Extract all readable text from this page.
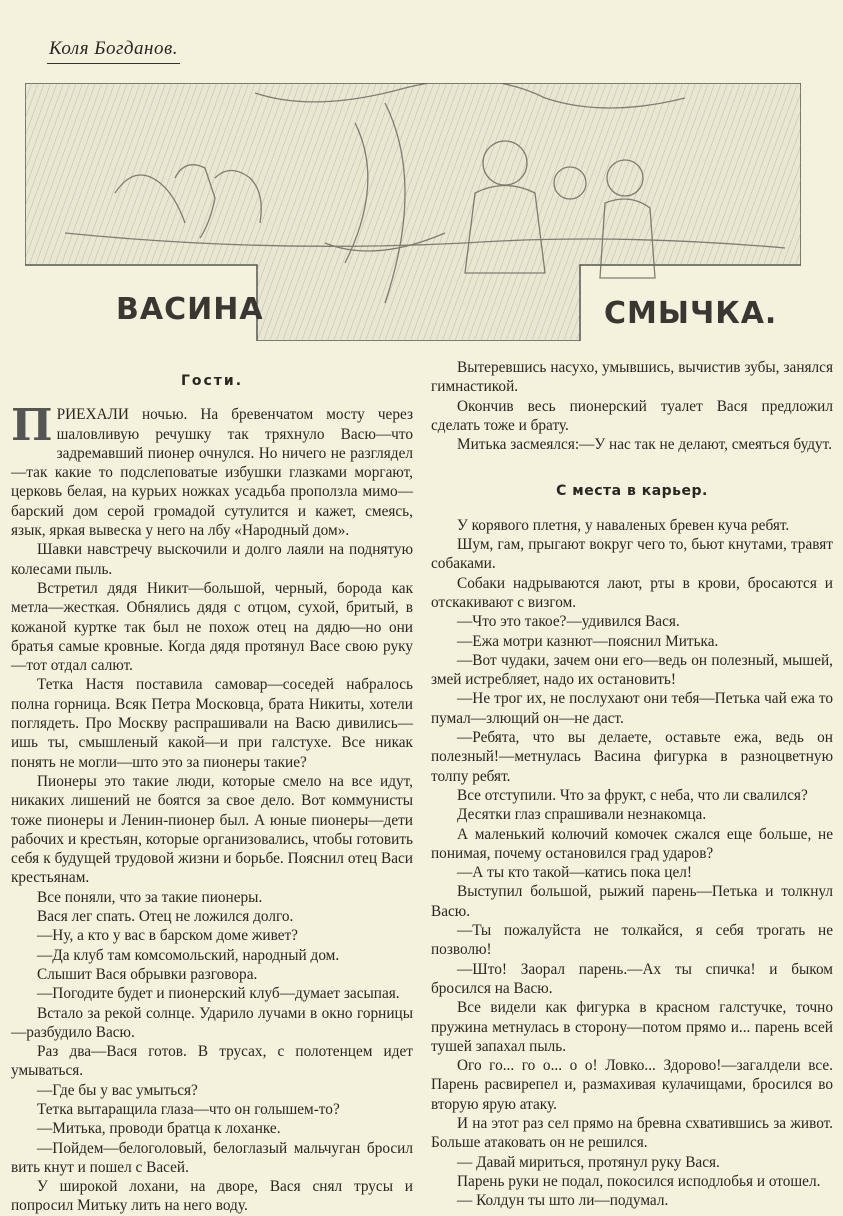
Коля Богданов.
ВАСИНА	СМЫЧКА.
Гости.

ПРИЕХАЛИ ночью. На бревенчатом мосту через шаловливую речушку так тряхнуло Васю—что задремавший пионер очнулся. Но ничего не разглядел—так какие то подслеповатые избушки глазками моргают, церковь белая, на курьих ножках усадьба проползла мимо—барский дом серой громадой сутулится и кажет, смеясь, язык, яркая вывеска у него на лбу «Народный дом».

Шавки навстречу выскочили и долго лаяли на поднятую колесами пыль.

Встретил дядя Никит—большой, черный, борода как метла—жесткая. Обнялись дядя с отцом, сухой, бритый, в кожаной куртке так был не похож отец на дядю—но они братья самые кровные. Когда дядя протянул Васе свою руку—тот отдал салют.

Тетка Настя поставила самовар—соседей набралось полна горница. Всяк Петра Московца, брата Никиты, хотели поглядеть. Про Москву распрашивали на Васю дивились—ишь ты, смышленый какой—и при галстухе. Все никак понять не могли—што это за пионеры такие?

Пионеры это такие люди, которые смело на все идут, никаких лишений не боятся за свое дело. Вот коммунисты тоже пионеры и Ленин-пионер был. А юные пионеры—дети рабочих и крестьян, которые организовались, чтобы готовить себя к будущей трудовой жизни и борьбе. Пояснил отец Васи крестьянам.

Все поняли, что за такие пионеры.

Вася лег спать. Отец не ложился долго.

—Ну, а кто у вас в барском доме живет?

—Да клуб там комсомольский, народный дом.

Слышит Вася обрывки разговора.

—Погодите будет и пионерский клуб—думает засыпая.

Встало за рекой солнце. Ударило лучами в окно горницы—разбудило Васю.

Раз два—Вася готов. В трусах, с полотенцем идет умываться.

—Где бы у вас умыться?

Тетка вытаращила глаза—что он голышем-то?

—Митька, проводи братца к лоханке.

—Пойдем—белоголовый, белоглазый мальчуган бросил вить кнут и пошел с Васей.

У широкой лохани, на дворе, Вася снял трусы и попросил Митьку лить на него воду.

Вытеревшись насухо, умывшись, вычистив зубы, занялся гимнастикой.

Окончив весь пионерский туалет Вася предложил сделать тоже и брату.

Митька засмеялся:—У нас так не делают, смеяться будут.

С места в карьер.

У корявого плетня, у наваленых бревен куча ребят.

Шум, гам, прыгают вокруг чего то, бьют кнутами, травят собаками.

Собаки надрываются лают, рты в крови, бросаются и отскакивают с визгом.

—Что это такое?—удивился Вася.

—Ежа мотри казнют—пояснил Митька.

—Вот чудаки, зачем они его—ведь он полезный, мышей, змей истребляет, надо их остановить!

—Не трог их, не послухают они тебя—Петька чай ежа то пумал—злющий он—не даст.

—Ребята, что вы делаете, оставьте ежа, ведь он полезный!—метнулась Васина фигурка в разноцветную толпу ребят.

Все отступили. Что за фрукт, с неба, что ли свалился?

Десятки глаз спрашивали незнакомца.

А маленький колючий комочек сжался еще больше, не понимая, почему остановился град ударов?

—А ты кто такой—катись пока цел!

Выступил большой, рыжий парень—Петька и толкнул Васю.

—Ты пожалуйста не толкайся, я себя трогать не позволю!

—Што! Заорал парень.—Ах ты спичка! и быком бросился на Васю.

Все видели как фигурка в красном галстучке, точно пружина метнулась в сторону—потом прямо и... парень всей тушей запахал пыль.

Ого го... го о... о о! Ловко... Здорово!—загалдели все. Парень расвирепел и, размахивая кулачищами, бросился во вторую ярую атаку.

И на этот раз сел прямо на бревна схватившись за живот. Больше атаковать он не решился.

— Давай мириться, протянул руку Вася.

Парень руки не подал, покосился исподлобья и отошел.

— Колдун ты што ли—подумал.
